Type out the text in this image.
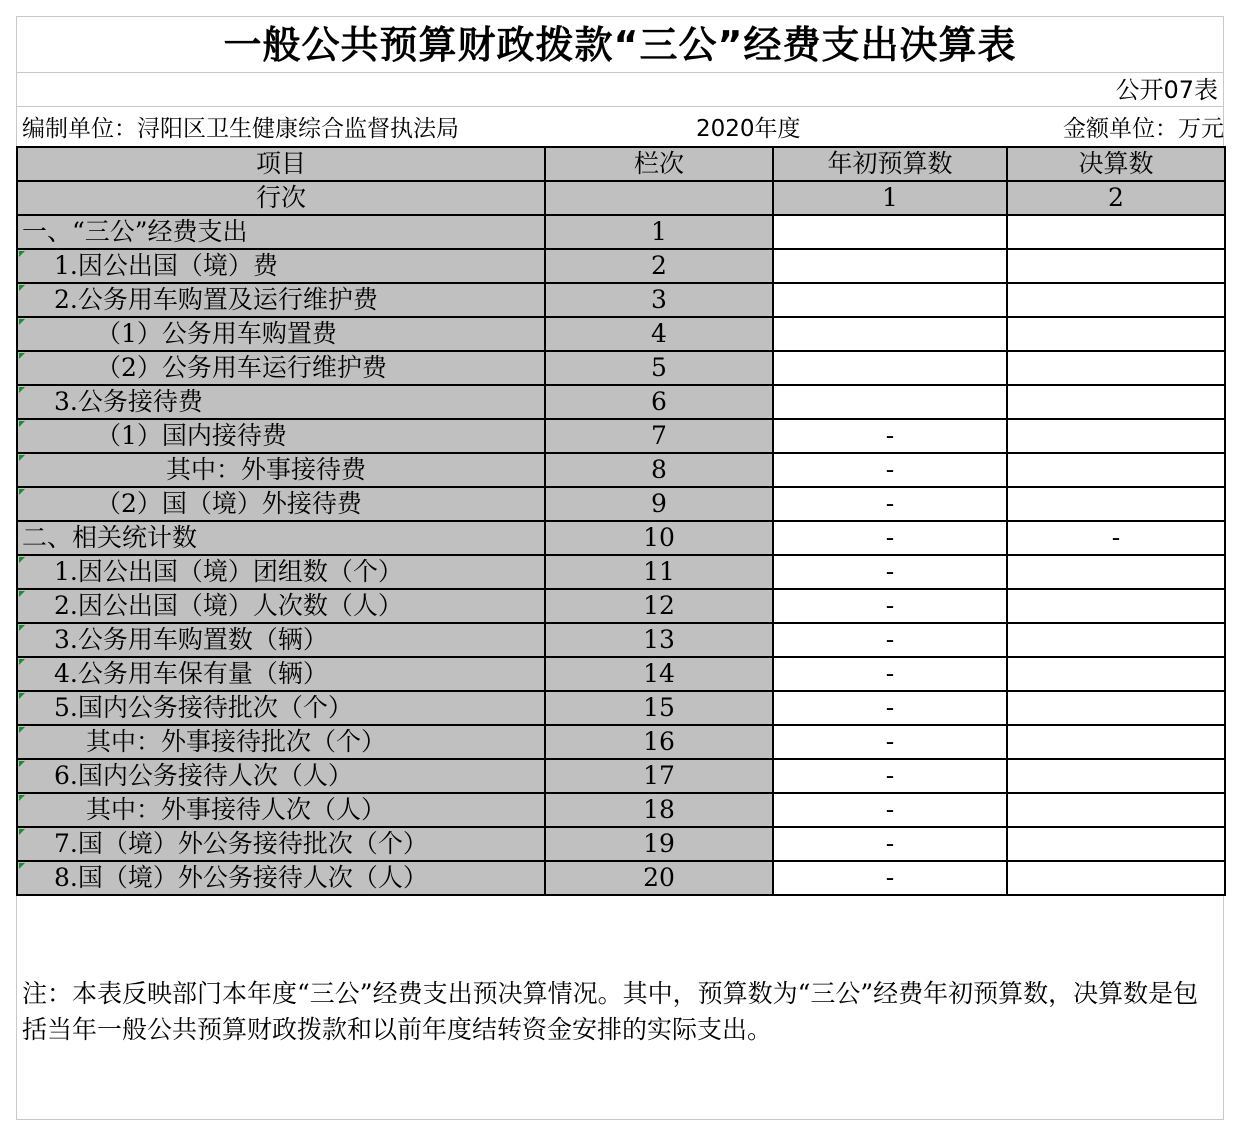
一般公共预算财政拨款“三公”经费支出决算表
公开07表
编制单位：浔阳区卫生健康综合监督执法局	2020年度	金额单位：万元
项目	栏次	年初预算数	决算数
行次		1	2
一、“三公”经费支出	1		

1.因公出国（境）费	2		

2.公务用车购置及运行维护费	3		

（1）公务用车购置费	4		

（2）公务用车运行维护费	5		

3.公务接待费	6		

（1）国内接待费	7	-	

其中：外事接待费	8	-	

（2）国（境）外接待费	9	-	
二、相关统计数	10	-	-

1.因公出国（境）团组数（个）	11	-	

2.因公出国（境）人次数（人）	12	-	

3.公务用车购置数（辆）	13	-	

4.公务用车保有量（辆）	14	-	

5.国内公务接待批次（个）	15	-	

其中：外事接待批次（个）	16	-	

6.国内公务接待人次（人）	17	-	

其中：外事接待人次（人）	18	-	

7.国（境）外公务接待批次（个）	19	-	

8.国（境）外公务接待人次（人）	20	-	
注：本表反映部门本年度“三公”经费支出预决算情况。其中，预算数为“三公”经费年初预算数，决算数是包括当年一般公共预算财政拨款和以前年度结转资金安排的实际支出。
